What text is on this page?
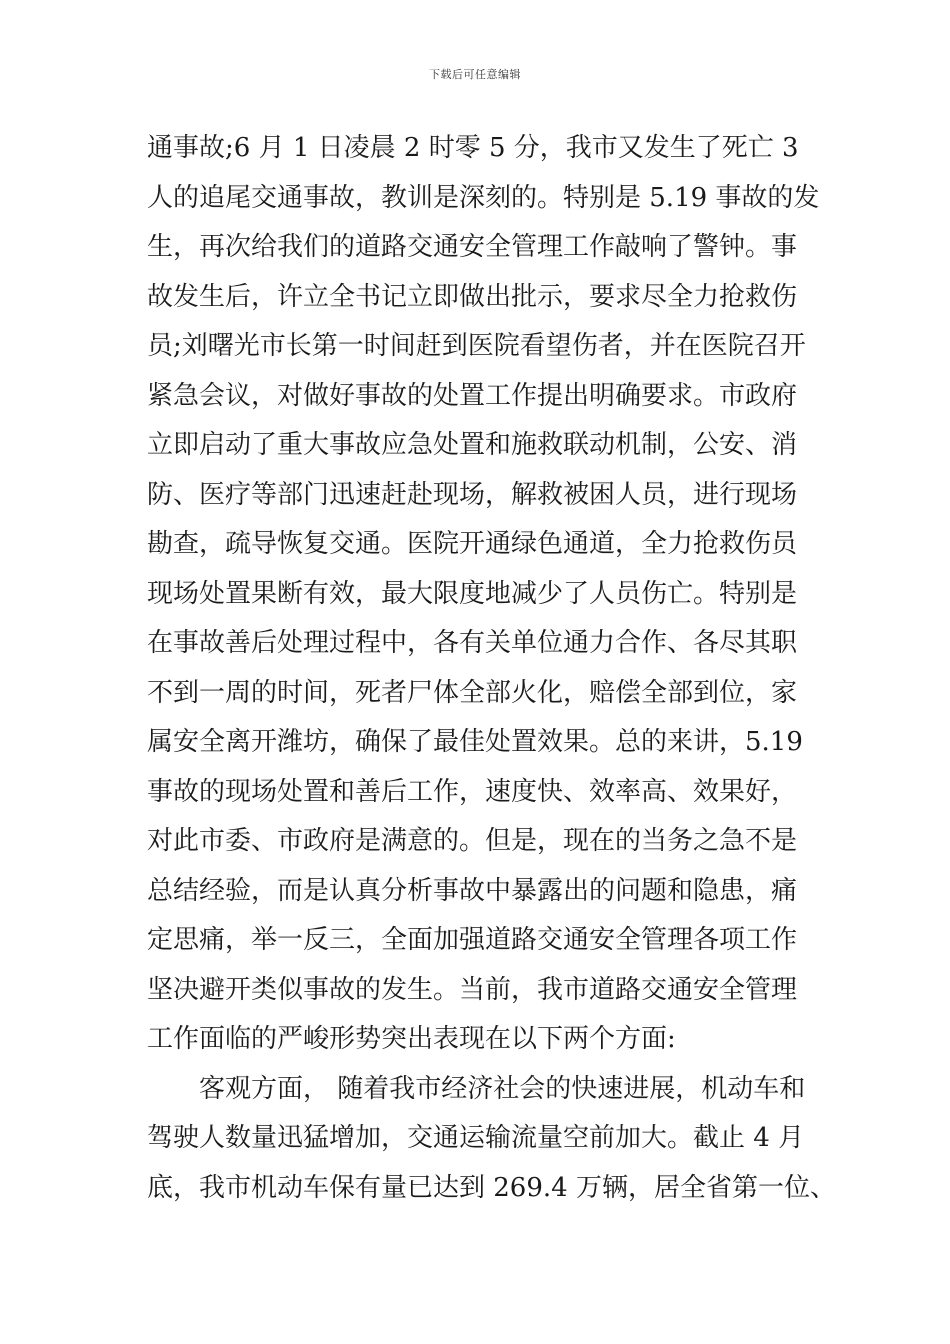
下载后可任意编辑
通事故;6 月 1 日凌晨 2 时零 5 分，我市又发生了死亡 3
人的追尾交通事故，教训是深刻的。特别是 5.19 事故的发
生，再次给我们的道路交通安全管理工作敲响了警钟。事
故发生后，许立全书记立即做出批示，要求尽全力抢救伤
员;刘曙光市长第一时间赶到医院看望伤者，并在医院召开
紧急会议，对做好事故的处置工作提出明确要求。市政府
立即启动了重大事故应急处置和施救联动机制，公安、消
防、医疗等部门迅速赶赴现场，解救被困人员，进行现场
勘查，疏导恢复交通。医院开通绿色通道，全力抢救伤员
现场处置果断有效，最大限度地减少了人员伤亡。特别是
在事故善后处理过程中，各有关单位通力合作、各尽其职
不到一周的时间，死者尸体全部火化，赔偿全部到位，家
属安全离开潍坊，确保了最佳处置效果。总的来讲，5.19
事故的现场处置和善后工作，速度快、效率高、效果好，
对此市委、市政府是满意的。但是，现在的当务之急不是
总结经验，而是认真分析事故中暴露出的问题和隐患，痛
定思痛，举一反三，全面加强道路交通安全管理各项工作
坚决避开类似事故的发生。当前，我市道路交通安全管理
工作面临的严峻形势突出表现在以下两个方面:
客观方面， 随着我市经济社会的快速进展，机动车和
驾驶人数量迅猛增加，交通运输流量空前加大。截止 4 月
底，我市机动车保有量已达到 269.4 万辆，居全省第一位、
